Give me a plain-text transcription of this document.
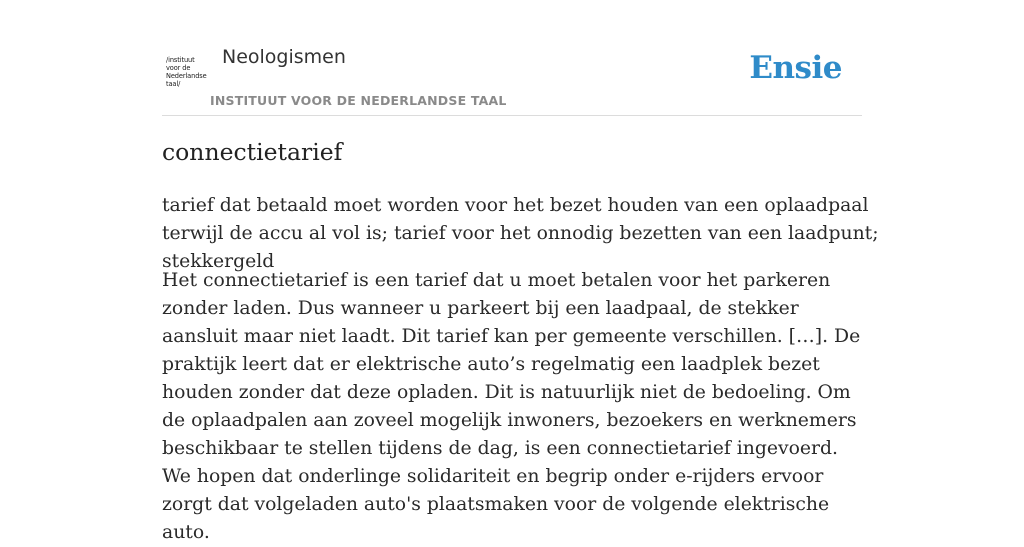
/instituut
voor de
Nederlandse
taal/
Neologismen
INSTITUUT VOOR DE NEDERLANDSE TAAL
Ensie
connectietarief

tarief dat betaald moet worden voor het bezet houden van een oplaadpaal terwijl de accu al vol is; tarief voor het onnodig bezetten van een laadpunt; stekkergeld

Het connectietarief is een tarief dat u moet betalen voor het parkeren zonder laden. Dus wanneer u parkeert bij een laadpaal, de stekker aansluit maar niet laadt. Dit tarief kan per gemeente verschillen. […]. De praktijk leert dat er elektrische auto’s regelmatig een laadplek bezet houden zonder dat deze opladen. Dit is natuurlijk niet de bedoeling. Om de oplaadpalen aan zoveel mogelijk inwoners, bezoekers en werknemers beschikbaar te stellen tijdens de dag, is een connectietarief ingevoerd. We hopen dat onderlinge solidariteit en begrip onder e-rijders ervoor zorgt dat volgeladen auto's plaatsmaken voor de volgende elektrische auto.
